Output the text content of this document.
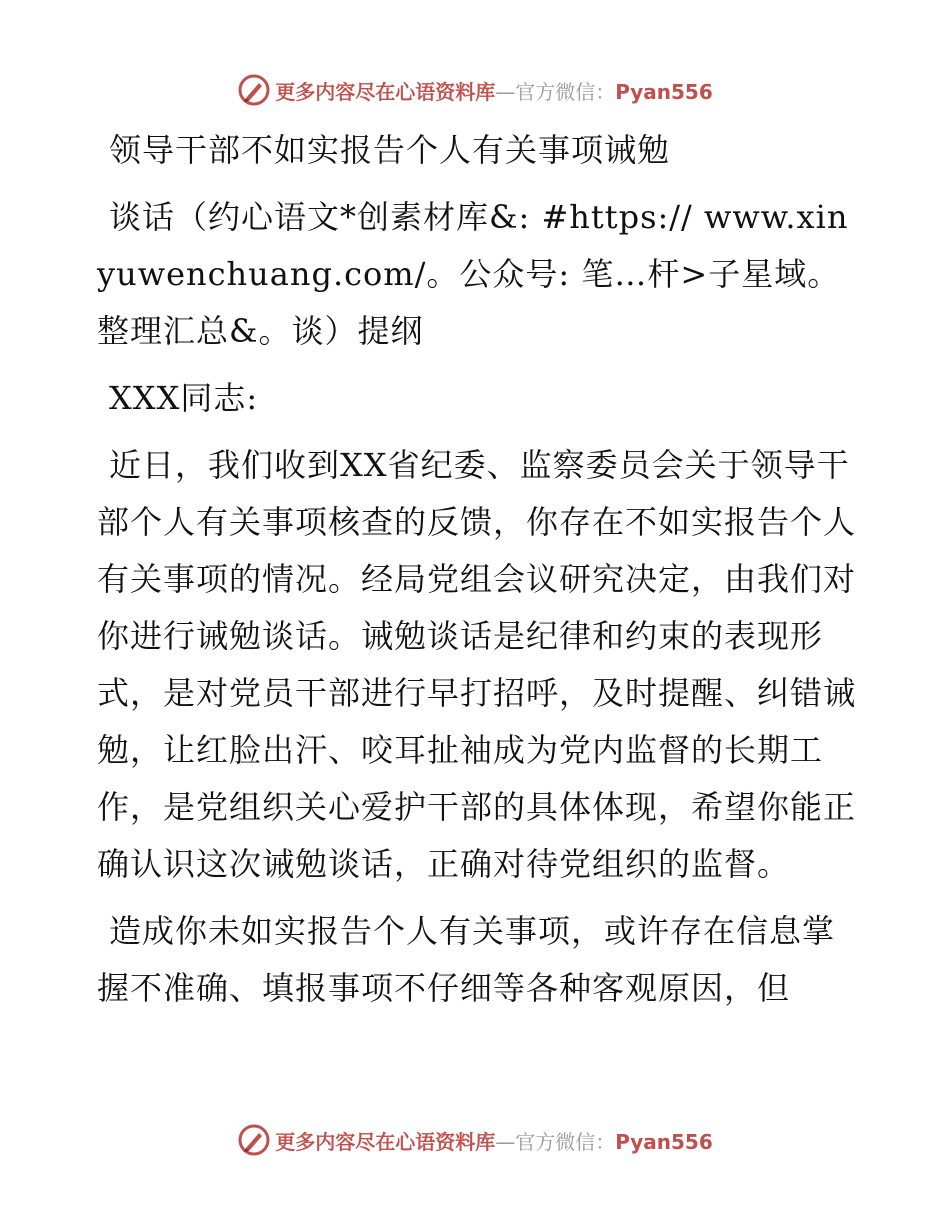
更多内容尽在心语资料库—官方微信：Pyan556

领导干部不如实报告个人有关事项诫勉

谈话（约心语文*创素材库&: #https:// www.xinyuwenchuang.com/。公众号: 笔…杆>子星域。整理汇总&。谈）提纲

XXX同志:

近日，我们收到XX省纪委、监察委员会关于领导干部个人有关事项核查的反馈，你存在不如实报告个人有关事项的情况。经局党组会议研究决定，由我们对你进行诫勉谈话。诫勉谈话是纪律和约束的表现形式，是对党员干部进行早打招呼，及时提醒、纠错诫勉，让红脸出汗、咬耳扯袖成为党内监督的长期工作，是党组织关心爱护干部的具体体现，希望你能正确认识这次诫勉谈话，正确对待党组织的监督。

造成你未如实报告个人有关事项，或许存在信息掌握不准确、填报事项不仔细等各种客观原因，但

更多内容尽在心语资料库—官方微信：Pyan556
